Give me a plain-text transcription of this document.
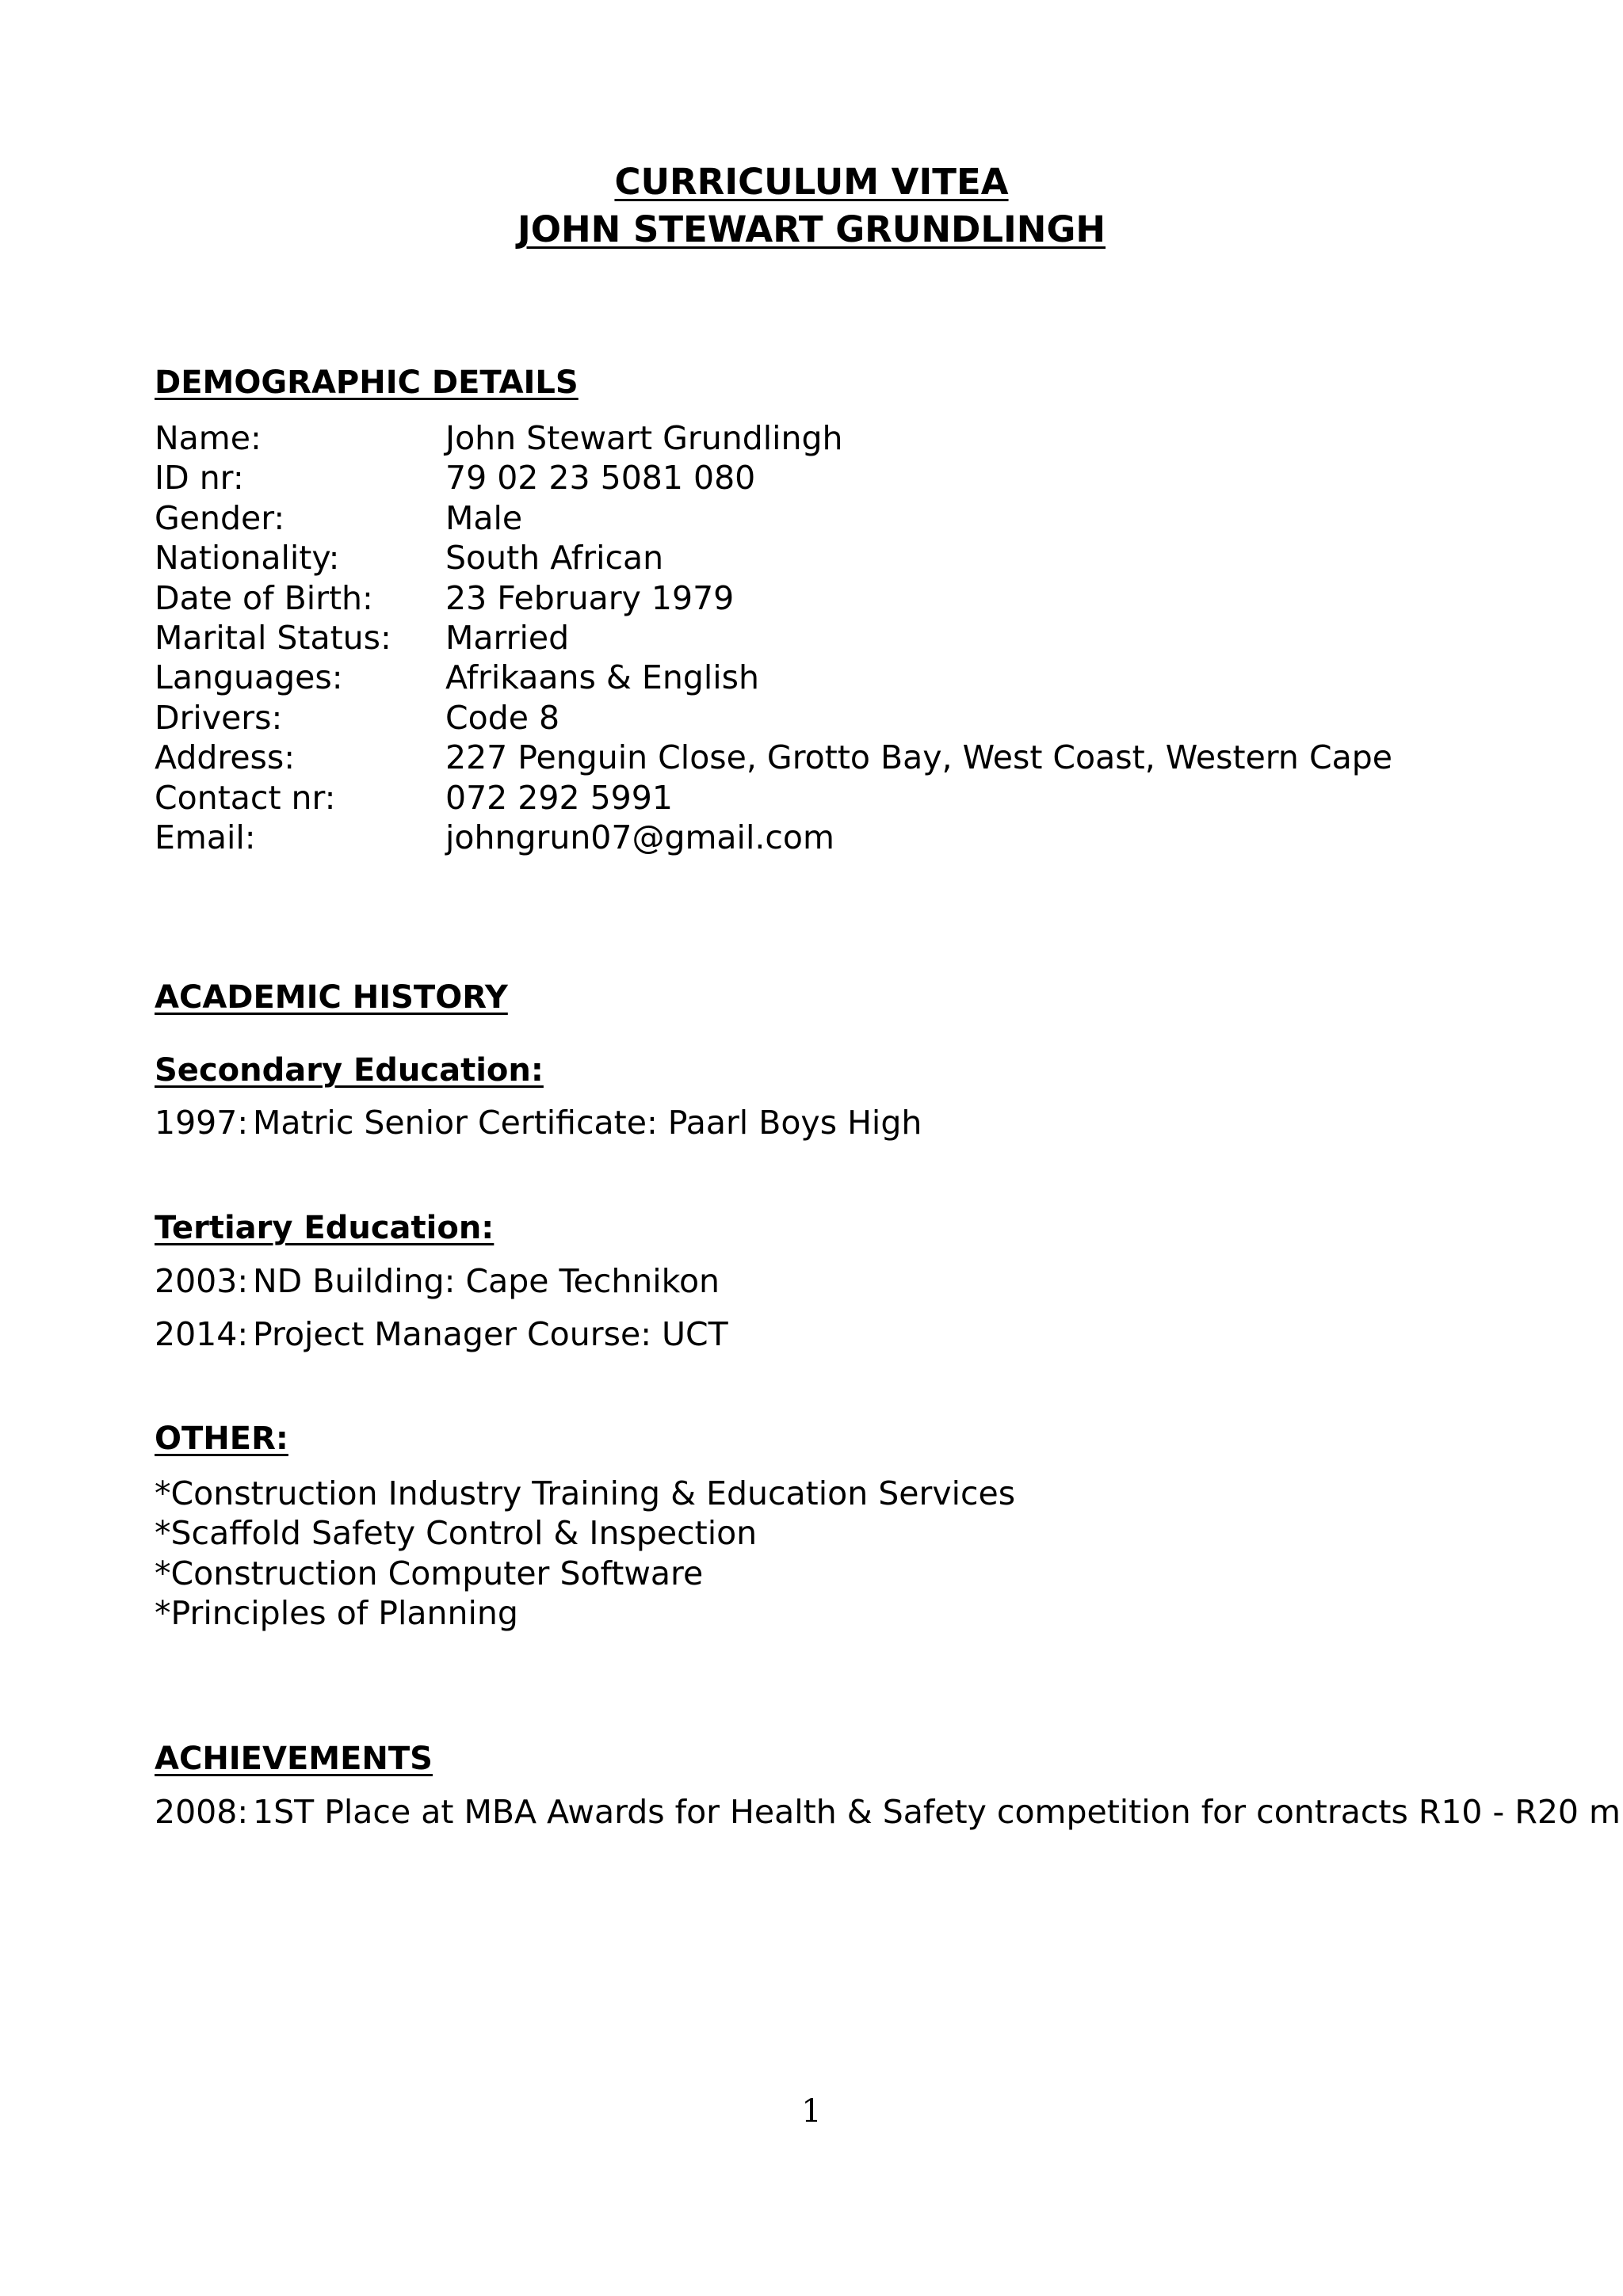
CURRICULUM VITEA
JOHN STEWART GRUNDLINGH
DEMOGRAPHIC DETAILS
Name:	John Stewart Grundlingh
ID nr:	79 02 23 5081 080
Gender:	Male
Nationality:	South African
Date of Birth: 23 February 1979
Marital Status: Married
Languages:	Afrikaans & English
Drivers:	Code 8
Address:	227 Penguin Close, Grotto Bay, West Coast, Western Cape
Contact nr:	072 292 5991
Email:	johngrun07@gmail.com
ACADEMIC HISTORY
Secondary Education:
1997: Matric Senior Certificate: Paarl Boys High
Tertiary Education:
2003: ND Building: Cape Technikon
2014: Project Manager Course: UCT
OTHER:
*Construction Industry Training & Education Services
*Scaffold Safety Control & Inspection
*Construction Computer Software
*Principles of Planning
ACHIEVEMENTS
2008: 1ST Place at MBA Awards for Health & Safety competition for contracts R10 - R20 m
1
